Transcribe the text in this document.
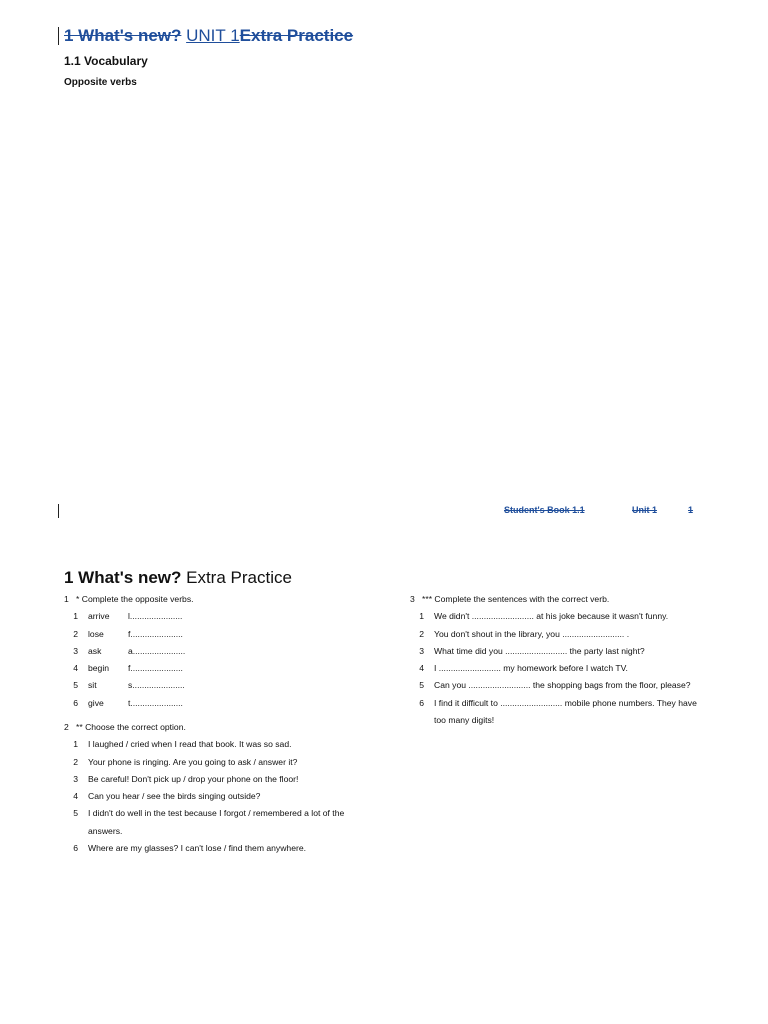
1 What's new? UNIT 1Extra Practice
1.1 Vocabulary
Opposite verbs
Student's Book 1.1	Unit 1	1
1 What's new? Extra Practice
1 * Complete the opposite verbs.
1	arrive	l......................
2	lose	f......................
3	ask	a......................
4	begin	f......................
5	sit	s......................
6	give	t......................
2 ** Choose the correct option.
1	I laughed / cried when I read that book. It was so sad.
2	Your phone is ringing. Are you going to ask / answer it?
3	Be careful! Don't pick up / drop your phone on the floor!
4	Can you hear / see the birds singing outside?
5	I didn't do well in the test because I forgot / remembered a lot of the
answers.
6	Where are my glasses? I can't lose / find them anywhere.
3 *** Complete the sentences with the correct verb.
1	We didn't .......................... at his joke because it wasn't funny.
2	You don't shout in the library, you .......................... .
3	What time did you .......................... the party last night?
4	I .......................... my homework before I watch TV.
5	Can you .......................... the shopping bags from the floor, please?
6	I find it difficult to .......................... mobile phone numbers. They have
too many digits!
